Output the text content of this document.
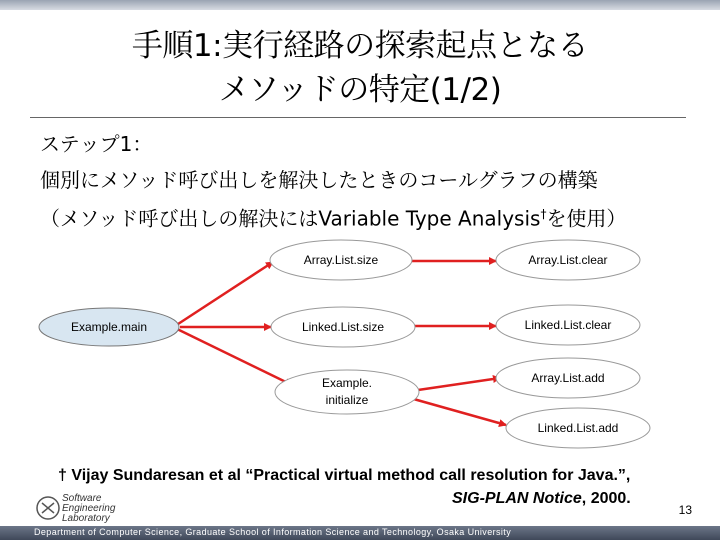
手順1:実行経路の探索起点となる
メソッドの特定(1/2)
ステップ1：
個別にメソッド呼び出しを解決したときのコールグラフの構築
（メソッド呼び出しの解決にはVariable Type Analysis†を使用）
Example.main
Array.List.size
Linked.List.size
Example.
initialize
Array.List.clear
Linked.List.clear
Array.List.add
Linked.List.add
† Vijay Sundaresan et al “Practical virtual method call resolution for Java.”,
SIG-PLAN Notice, 2000.
13
Software
Engineering
Laboratory
Department of Computer Science, Graduate School of Information Science and Technology, Osaka University
